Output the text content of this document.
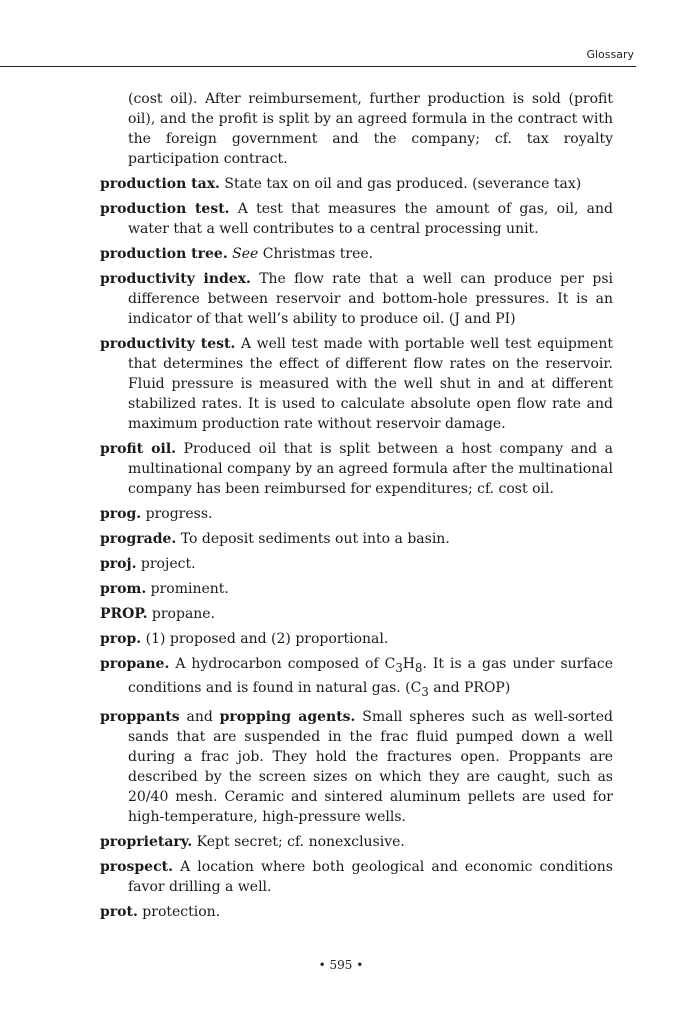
Glossary

(cost oil). After reimbursement, further production is sold (profit oil), and the profit is split by an agreed formula in the contract with the foreign government and the company; cf. tax royalty participation contract.

production tax. State tax on oil and gas produced. (severance tax)

production test. A test that measures the amount of gas, oil, and water that a well contributes to a central processing unit.

production tree. See Christmas tree.

productivity index. The flow rate that a well can produce per psi difference between reservoir and bottom-hole pressures. It is an indicator of that well’s ability to produce oil. (J and PI)

productivity test. A well test made with portable well test equipment that determines the effect of different flow rates on the reservoir. Fluid pressure is measured with the well shut in and at different stabilized rates. It is used to calculate absolute open flow rate and maximum production rate without reservoir damage.

profit oil. Produced oil that is split between a host company and a multinational company by an agreed formula after the multinational company has been reimbursed for expenditures; cf. cost oil.

prog. progress.

prograde. To deposit sediments out into a basin.

proj. project.

prom. prominent.

PROP. propane.

prop. (1) proposed and (2) proportional.

propane. A hydrocarbon composed of $C_3H_8$. It is a gas under surface conditions and is found in natural gas. ($C_3$ and PROP)

proppants and propping agents. Small spheres such as well-sorted sands that are suspended in the frac fluid pumped down a well during a frac job. They hold the fractures open. Proppants are described by the screen sizes on which they are caught, such as 20/40 mesh. Ceramic and sintered aluminum pellets are used for high-temperature, high-pressure wells.

proprietary. Kept secret; cf. nonexclusive.

prospect. A location where both geological and economic conditions favor drilling a well.

prot. protection.

• 595 •
